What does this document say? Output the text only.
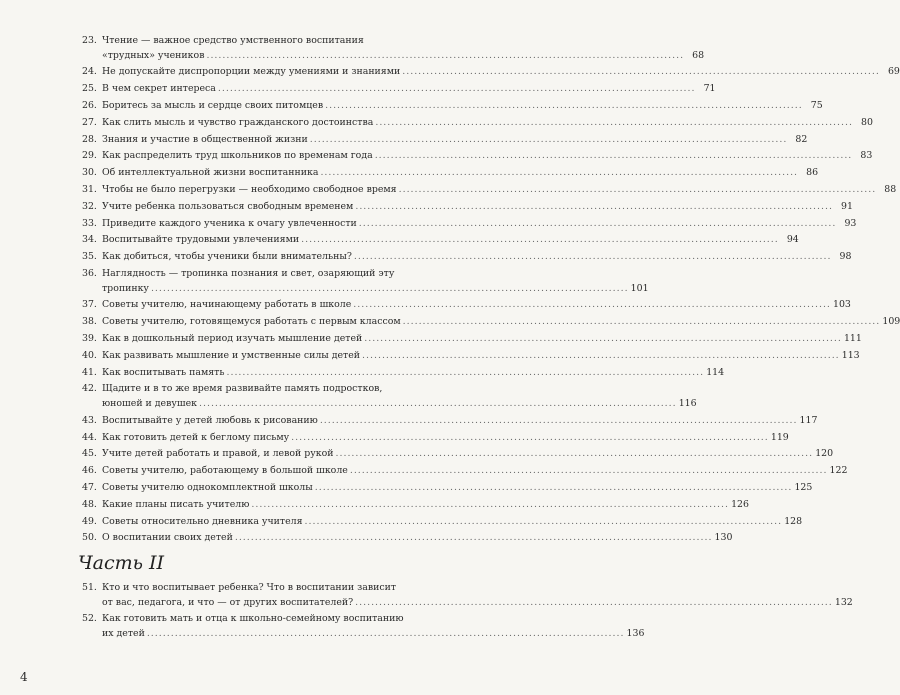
23. Чтение — важное средство умственного воспитания
«трудных» учеников ........................................................................................................................ 68
24. Не допускайте диспропорции между умениями и знаниями ........................................................................................................................ 69
25. В чем секрет интереса ........................................................................................................................ 71
26. Боритесь за мысль и сердце своих питомцев ........................................................................................................................ 75
27. Как слить мысль и чувство гражданского достоинства ........................................................................................................................ 80
28. Знания и участие в общественной жизни ........................................................................................................................ 82
29. Как распределить труд школьников по временам года ........................................................................................................................ 83
30. Об интеллектуальной жизни воспитанника ........................................................................................................................ 86
31. Чтобы не было перегрузки — необходимо свободное время ........................................................................................................................ 88
32. Учите ребенка пользоваться свободным временем ........................................................................................................................ 91
33. Приведите каждого ученика к очагу увлеченности ........................................................................................................................ 93
34. Воспитывайте трудовыми увлечениями ........................................................................................................................ 94
35. Как добиться, чтобы ученики были внимательны? ........................................................................................................................ 98
36. Наглядность — тропинка познания и свет, озаряющий эту
тропинку ........................................................................................................................ 101
37. Советы учителю, начинающему работать в школе ........................................................................................................................ 103
38. Советы учителю, готовящемуся работать с первым классом ........................................................................................................................ 109
39. Как в дошкольный период изучать мышление детей ........................................................................................................................ 111
40. Как развивать мышление и умственные силы детей ........................................................................................................................ 113
41. Как воспитывать память ........................................................................................................................ 114
42. Щадите и в то же время развивайте память подростков,
юношей и девушек ........................................................................................................................ 116
43. Воспитывайте у детей любовь к рисованию ........................................................................................................................ 117
44. Как готовить детей к беглому письму ........................................................................................................................ 119
45. Учите детей работать и правой, и левой рукой ........................................................................................................................ 120
46. Советы учителю, работающему в большой школе ........................................................................................................................ 122
47. Советы учителю однокомплектной школы ........................................................................................................................ 125
48. Какие планы писать учителю ........................................................................................................................ 126
49. Советы относительно дневника учителя ........................................................................................................................ 128
50. О воспитании своих детей ........................................................................................................................ 130
Часть II
51. Кто и что воспитывает ребенка? Что в воспитании зависит
от вас, педагога, и что — от других воспитателей? ........................................................................................................................ 132
52. Как готовить мать и отца к школьно-семейному воспитанию
их детей ........................................................................................................................ 136
4
